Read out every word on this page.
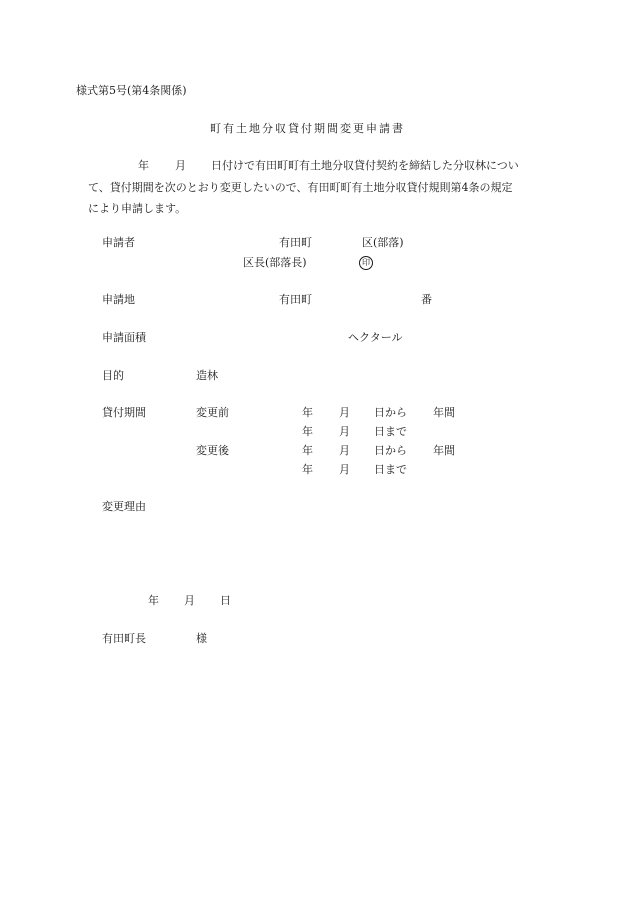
様式第5号(第4条関係)
町有土地分収貸付期間変更申請書
年 月 日付けで有田町町有土地分収貸付契約を締結した分収林につい
て、貸付期間を次のとおり変更したいので、有田町町有土地分収貸付規則第4条の規定
により申請します。
申請者	有田町	区(部落)
区長(部落長)	印
申請地	有田町	番
申請面積	ヘクタール
目的	造林
貸付期間	変更前	年 月 日から 年間
年 月 日まで
変更後	年 月 日から 年間
年 月 日まで
変更理由
年 月 日
有田町長	様
